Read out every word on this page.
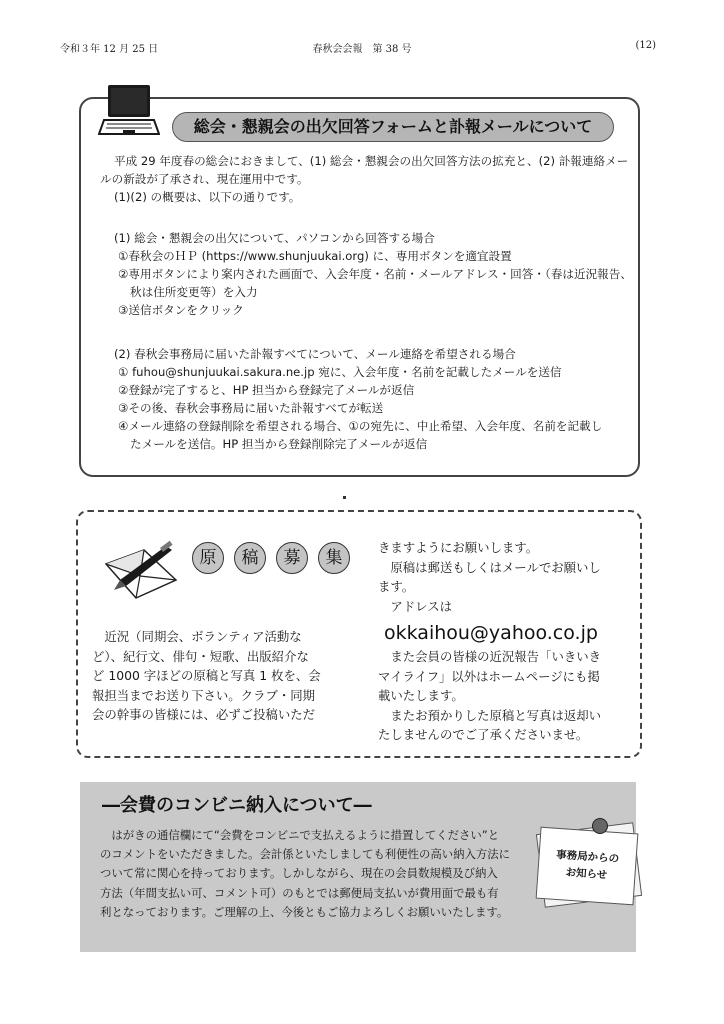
令和３年 12 月 25 日	春秋会会報　第 38 号	(12)
総会・懇親会の出欠回答フォームと訃報メールについて
平成 29 年度春の総会におきまして、(1) 総会・懇親会の出欠回答方法の拡充と、(2) 訃報連絡メー
ルの新設が了承され、現在運用中です。
(1)(2) の概要は、以下の通りです。
(1) 総会・懇親会の出欠について、パソコンから回答する場合
①春秋会のＨＰ (https://www.shunjuukai.org) に、専用ボタンを適宜設置
②専用ボタンにより案内された画面で、入会年度・名前・メールアドレス・回答・（春は近況報告、
秋は住所変更等）を入力
③送信ボタンをクリック
(2) 春秋会事務局に届いた訃報すべてについて、メール連絡を希望される場合
① fuhou@shunjuukai.sakura.ne.jp 宛に、入会年度・名前を記載したメールを送信
②登録が完了すると、HP 担当から登録完了メールが返信
③その後、春秋会事務局に届いた訃報すべてが転送
④メール連絡の登録削除を希望される場合、①の宛先に、中止希望、入会年度、名前を記載し
たメールを送信。HP 担当から登録削除完了メールが返信
原	稿	募	集
　近況（同期会、ボランティア活動な
ど）、紀行文、俳句・短歌、出版紹介な
ど 1000 字ほどの原稿と写真 1 枚を、会
報担当までお送り下さい。クラブ・同期
会の幹事の皆様には、必ずご投稿いただ
きますようにお願いします。
　原稿は郵送もしくはメールでお願いし
ます。
　アドレスは
okkaihou@yahoo.co.jp
　また会員の皆様の近況報告「いきいき
マイライフ」以外はホームページにも掲
載いたします。
　またお預かりした原稿と写真は返却い
たしませんのでご了承くださいませ。
―会費のコンビニ納入について―
　はがきの通信欄にて“会費をコンビニで支払えるように措置してください”と
のコメントをいただきました。会計係といたしましても利便性の高い納入方法に
ついて常に関心を持っております。しかしながら、現在の会員数規模及び納入
方法（年間支払い可、コメント可）のもとでは郵便局支払いが費用面で最も有
利となっております。ご理解の上、今後ともご協力よろしくお願いいたします。
事務局からの
お知らせ
